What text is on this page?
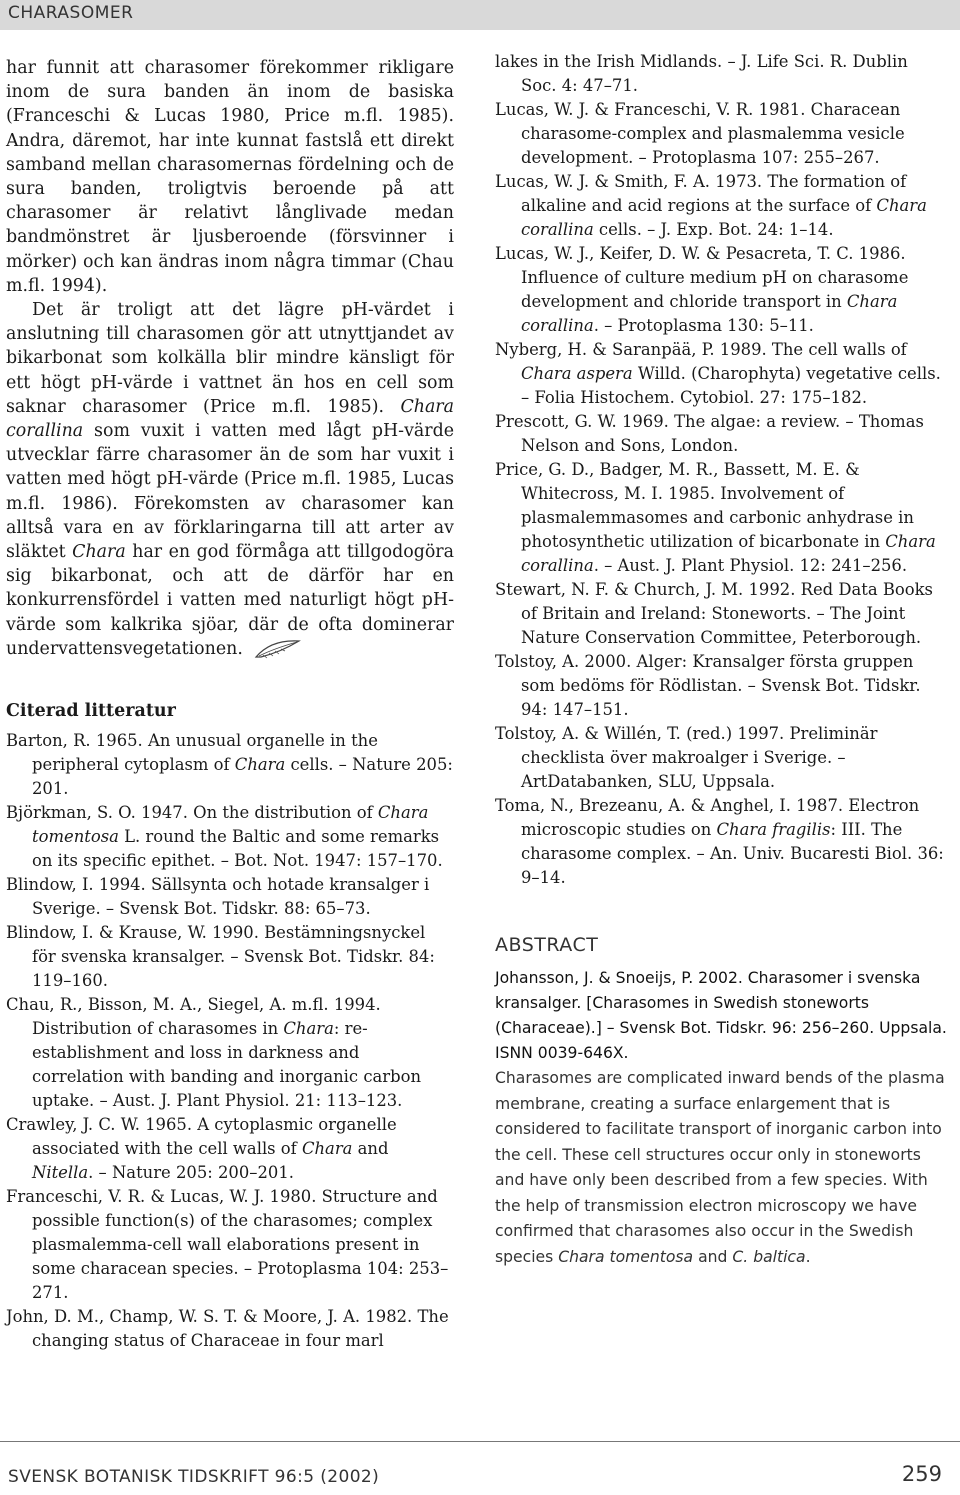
CHARASOMER

har funnit att charasomer förekommer rikligare inom de sura banden än inom de basiska (Franceschi & Lucas 1980, Price m.fl. 1985). Andra, däremot, har inte kunnat fastslå ett direkt samband mellan charasomernas fördelning och de sura banden, troligtvis beroende på att charasomer är relativt långlivade medan bandmönstret är ljusberoende (försvinner i mörker) och kan ändras inom några timmar (Chau m.fl. 1994).

Det är troligt att det lägre pH-värdet i anslutning till charasomen gör att utnyttjandet av bikarbonat som kolkälla blir mindre känsligt för ett högt pH-värde i vattnet än hos en cell som saknar charasomer (Price m.fl. 1985). Chara corallina som vuxit i vatten med lågt pH-värde utvecklar färre charasomer än de som har vuxit i vatten med högt pH-värde (Price m.fl. 1985, Lucas m.fl. 1986). Förekomsten av charasomer kan alltså vara en av förklaringarna till att arter av släktet Chara har en god förmåga att tillgodogöra sig bikarbonat, och att de därför har en konkurrensfördel i vatten med naturligt högt pH-värde som kalkrika sjöar, där de ofta dominerar undervattensvegetationen.

Citerad litteratur
Barton, R. 1965. An unusual organelle in the peripheral cytoplasm of Chara cells. – Nature 205: 201.
Björkman, S. O. 1947. On the distribution of Chara tomentosa L. round the Baltic and some remarks on its specific epithet. – Bot. Not. 1947: 157–170.
Blindow, I. 1994. Sällsynta och hotade kransalger i Sverige. – Svensk Bot. Tidskr. 88: 65–73.
Blindow, I. & Krause, W. 1990. Bestämningsnyckel för svenska kransalger. – Svensk Bot. Tidskr. 84: 119–160.
Chau, R., Bisson, M. A., Siegel, A. m.fl. 1994. Distribution of charasomes in Chara: re-establishment and loss in darkness and correlation with banding and inorganic carbon uptake. – Aust. J. Plant Physiol. 21: 113–123.
Crawley, J. C. W. 1965. A cytoplasmic organelle associated with the cell walls of Chara and Nitella. – Nature 205: 200–201.
Franceschi, V. R. & Lucas, W. J. 1980. Structure and possible function(s) of the charasomes; complex plasmalemma-cell wall elaborations present in some characean species. – Protoplasma 104: 253–271.
John, D. M., Champ, W. S. T. & Moore, J. A. 1982. The changing status of Characeae in four marl
lakes in the Irish Midlands. – J. Life Sci. R. Dublin Soc. 4: 47–71.
Lucas, W. J. & Franceschi, V. R. 1981. Characean charasome-complex and plasmalemma vesicle development. – Protoplasma 107: 255–267.
Lucas, W. J. & Smith, F. A. 1973. The formation of alkaline and acid regions at the surface of Chara corallina cells. – J. Exp. Bot. 24: 1–14.
Lucas, W. J., Keifer, D. W. & Pesacreta, T. C. 1986. Influence of culture medium pH on charasome development and chloride transport in Chara corallina. – Protoplasma 130: 5–11.
Nyberg, H. & Saranpää, P. 1989. The cell walls of Chara aspera Willd. (Charophyta) vegetative cells. – Folia Histochem. Cytobiol. 27: 175–182.
Prescott, G. W. 1969. The algae: a review. – Thomas Nelson and Sons, London.
Price, G. D., Badger, M. R., Bassett, M. E. & Whitecross, M. I. 1985. Involvement of plasmalemmasomes and carbonic anhydrase in photosynthetic utilization of bicarbonate in Chara corallina. – Aust. J. Plant Physiol. 12: 241–256.
Stewart, N. F. & Church, J. M. 1992. Red Data Books of Britain and Ireland: Stoneworts. – The Joint Nature Conservation Committee, Peterborough.
Tolstoy, A. 2000. Alger: Kransalger första gruppen som bedöms för Rödlistan. – Svensk Bot. Tidskr. 94: 147–151.
Tolstoy, A. & Willén, T. (red.) 1997. Preliminär checklista över makroalger i Sverige. – ArtDatabanken, SLU, Uppsala.
Toma, N., Brezeanu, A. & Anghel, I. 1987. Electron microscopic studies on Chara fragilis: III. The charasome complex. – An. Univ. Bucaresti Biol. 36: 9–14.
ABSTRACT

Johansson, J. & Snoeijs, P. 2002. Charasomer i svenska kransalger. [Charasomes in Swedish stoneworts (Characeae).] – Svensk Bot. Tidskr. 96: 256–260. Uppsala. ISNN 0039-646X.

Charasomes are complicated inward bends of the plasma membrane, creating a surface enlargement that is considered to facilitate transport of inorganic carbon into the cell. These cell structures occur only in stoneworts and have only been described from a few species. With the help of transmission electron microscopy we have confirmed that charasomes also occur in the Swedish species Chara tomentosa and C. baltica.

SVENSK BOTANISK TIDSKRIFT 96:5 (2002)	259
